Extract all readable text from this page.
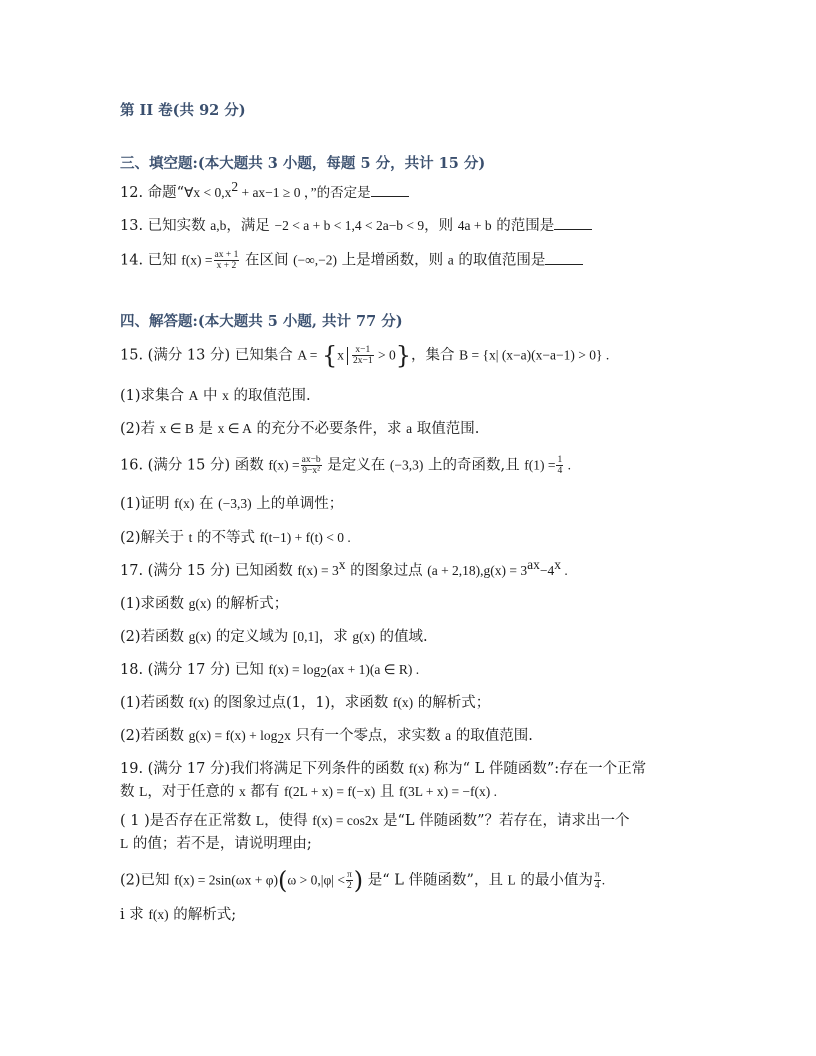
第 II 卷(共 92 分)
三、填空题:(本大题共 3 小题，每题 5 分，共计 15 分)
12. 命题“∀x < $0,x^2 + ax-1 \ge 0$ ，”的否定是
13. 已知实数 a,b，满足 −2 < a + b < 1,4 < 2a−b < 9，则 4a + b 的范围是
14. 已知 $f(x) = \frac{ax + 1}{x + 2}$ 在区间 (−∞,−2) 上是增函数，则 a 的取值范围是
四、解答题:(本大题共 5 小题, 共计 77 分)
15. (满分 13 分) 已知集合 $A = \{x \frac{x-1}{2x-1} > 0\}$，集合 B = {x| (x−a)(x−a−1) > 0} .
(1)求集合 A 中 x 的取值范围.
(2)若 x ∈ B 是 x ∈ A 的充分不必要条件，求 a 取值范围.
16. (满分 15 分) 函数 $f(x) = \frac{ax-b}{\text{9−x²}}$ 是定义在 (−3,3) 上的奇函数,且 $f(1) = \frac{1}{4}$ .
(1)证明 f(x) 在 (−3,3) 上的单调性；
(2)解关于 t 的不等式 f(t−1) + f(t) < 0 .
17. (满分 15 分) 已知函数 $f(x) = 3^x$ 的图象过点 $(a + 2,18),g(x) = 3^{ax}-4^x$ .
(1)求函数 g(x) 的解析式；
(2)若函数 g(x) 的定义域为 [0,1]，求 g(x) 的值域.
18. (满分 17 分) 已知 $f(x) = \log_2(ax + 1)(a$ ∈ R) .
(1)若函数 f(x) 的图象过点(1，1)，求函数 f(x) 的解析式；
(2)若函数 $g(x) = f(x) + \log_2x$ 只有一个零点，求实数 a 的取值范围.
19. (满分 17 分)我们将满足下列条件的函数 f(x) 称为“ L 伴随函数”:存在一个正常
数 L，对于任意的 x 都有 f(2L + x) = f(−x) 且 f(3L + x) = −f(x) .
( 1 )是否存在正常数 L，使得 f(x) = cos2x 是“L 伴随函数”？若存在，请求出一个
L 的值；若不是，请说明理由;
(2)已知 $f(x) = 2\sin(\omega x + \varphi)(\omega > 0,|\varphi| < \frac{\pi}{2}$ ) 是“ L 伴随函数”，且 L 的最小值为 $\frac{\pi}{4}$ .
ⅰ 求 f(x) 的解析式;
